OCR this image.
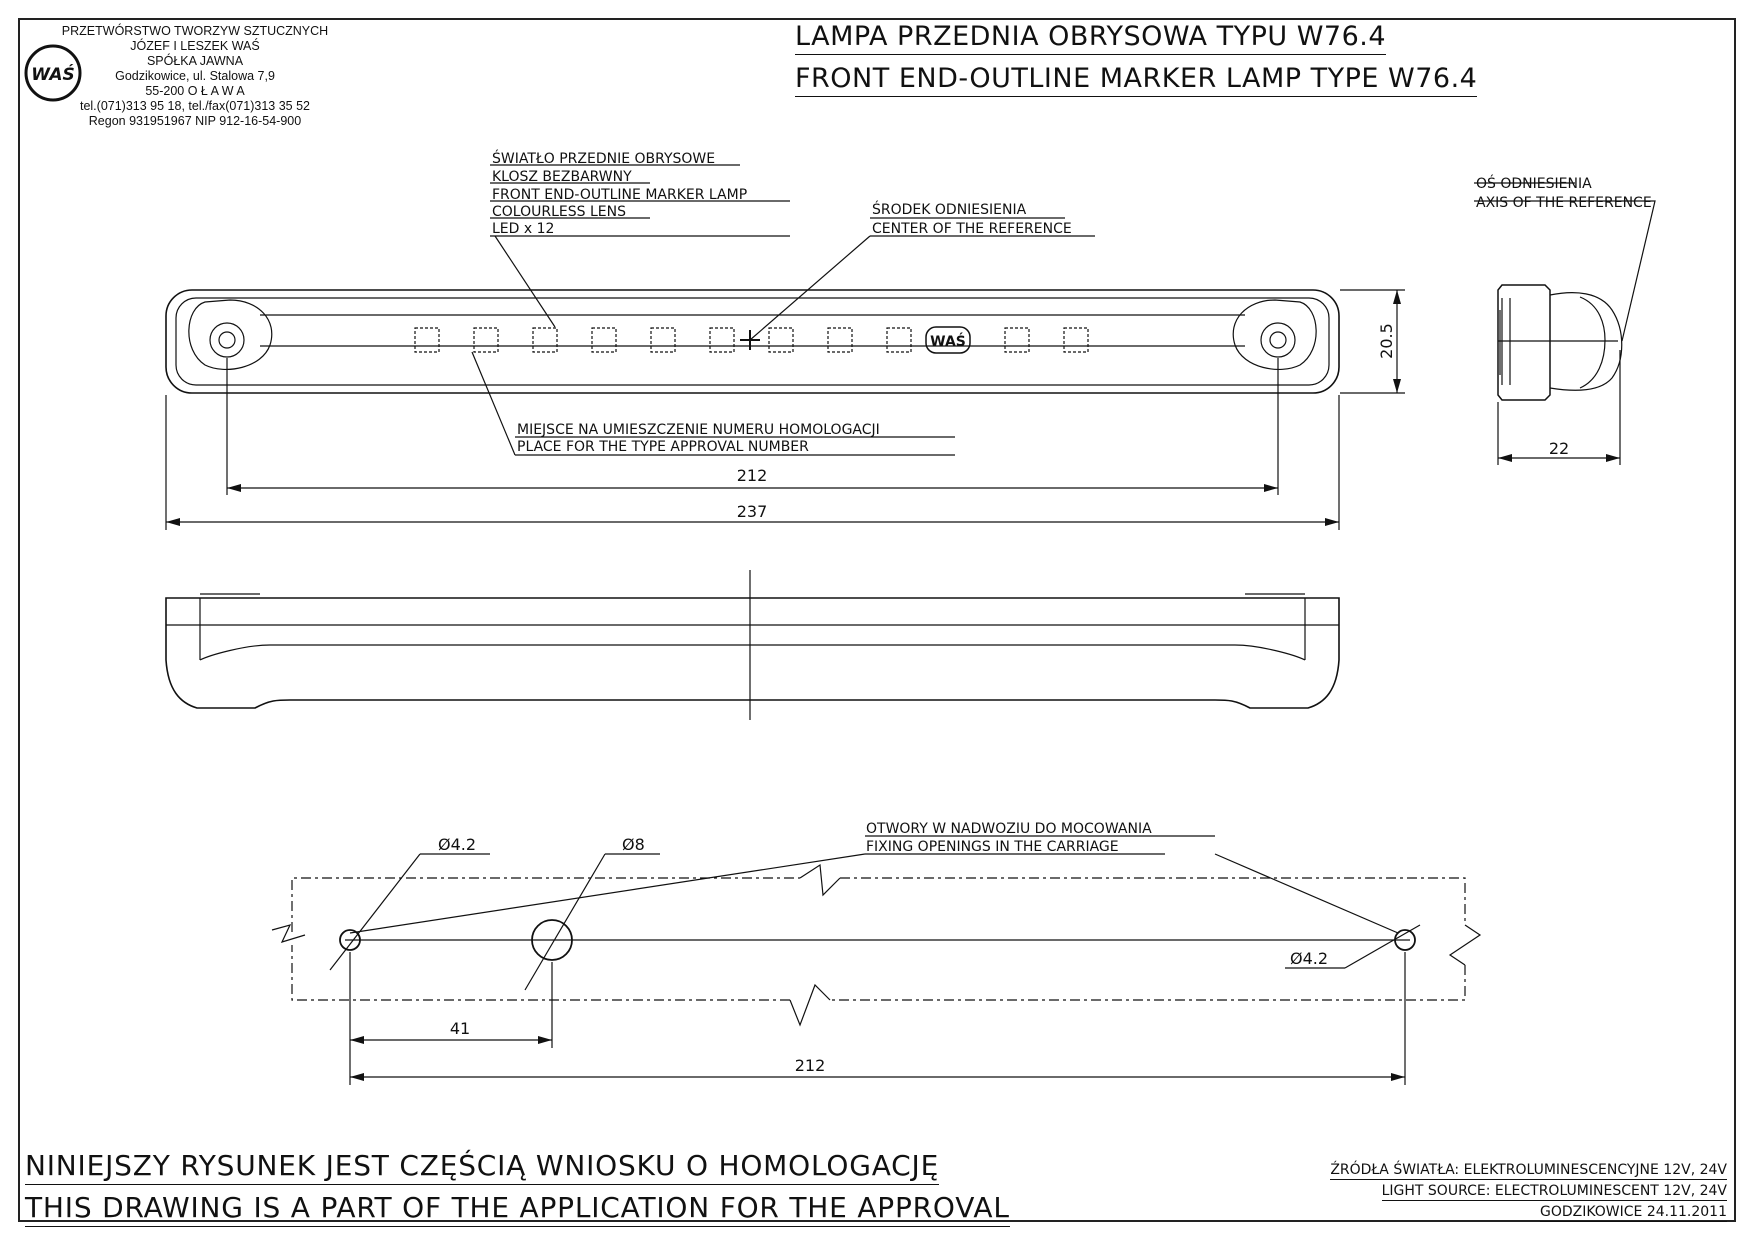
WAŚ
PRZETWÓRSTWO TWORZYW SZTUCZNYCH
JÓZEF I LESZEK WAŚ
SPÓŁKA JAWNA
Godzikowice, ul. Stalowa 7,9
55-200 O Ł A W A
tel.(071)313 95 18, tel./fax(071)313 35 52
Regon 931951967 NIP 912-16-54-900
LAMPA PRZEDNIA OBRYSOWA TYPU W76.4
FRONT END-OUTLINE MARKER LAMP TYPE W76.4
ŚWIATŁO PRZEDNIE OBRYSOWE
KLOSZ BEZBARWNY
FRONT END-OUTLINE MARKER LAMP
COLOURLESS LENS
LED x 12
ŚRODEK ODNIESIENIA
CENTER OF THE REFERENCE
OŚ ODNIESIENIA
AXIS OF THE REFERENCE
MIEJSCE NA UMIESZCZENIE NUMERU HOMOLOGACJI
PLACE FOR THE TYPE APPROVAL NUMBER
WAŚ
212
237
20.5
22
OTWORY W NADWOZIU DO MOCOWANIA
FIXING OPENINGS IN THE CARRIAGE
Ø4.2	Ø8
Ø4.2
41
212
NINIEJSZY RYSUNEK JEST CZĘŚCIĄ WNIOSKU O HOMOLOGACJĘ
THIS DRAWING IS A PART OF THE APPLICATION FOR THE APPROVAL
ŹRÓDŁA ŚWIATŁA: ELEKTROLUMINESCENCYJNE 12V, 24V
LIGHT SOURCE: ELECTROLUMINESCENT 12V, 24V
GODZIKOWICE 24.11.2011
